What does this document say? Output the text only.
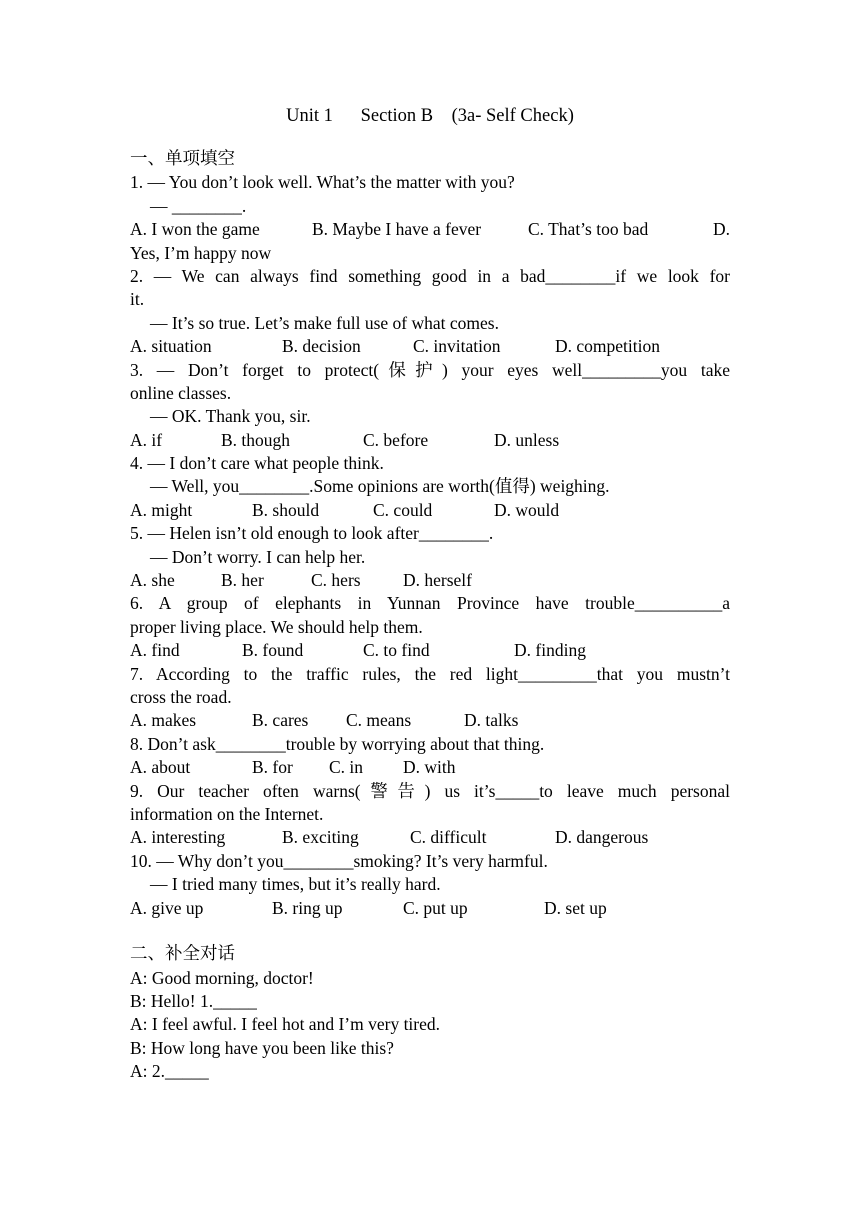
Unit 1      Section B    (3a- Self Check)
一、单项填空
1. — You don’t look well. What’s the matter with you?
— ________.
A. I won the game	B. Maybe I have a fever	C. That’s too bad	D.
Yes, I’m happy now
2. — We can always find something good in a bad________if we look for
it.
— It’s so true. Let’s make full use of what comes.
A. situation	B. decision	C. invitation	D. competition
3. — Don’t forget to protect(保护) your eyes well_________you take
online classes.
— OK. Thank you, sir.
A. if	B. though	C. before	D. unless
4. — I don’t care what people think.
— Well, you________.Some opinions are worth(值得) weighing.
A. might	B. should	C. could	D. would
5. — Helen isn’t old enough to look after________.
— Don’t worry. I can help her.
A. she	B. her	C. hers D. herself
6. A group of elephants in Yunnan Province have trouble__________a
proper living place. We should help them.
A. find	B. found	C. to find	D. finding
7. According to the traffic rules, the red light_________that you mustn’t
cross the road.
A. makes	B. cares C. means	D. talks
8. Don’t ask________trouble by worrying about that thing.
A. about	B. for C. in D. with
9. Our teacher often warns(警告) us it’s_____to leave much personal
information on the Internet.
A. interesting	B. exciting	C. difficult	D. dangerous
10. — Why don’t you________smoking? It’s very harmful.
— I tried many times, but it’s really hard.
A. give up	B. ring up	C. put up	D. set up
二、补全对话
A: Good morning, doctor!
B: Hello! 1._____
A: I feel awful. I feel hot and I’m very tired.
B: How long have you been like this?
A: 2._____
